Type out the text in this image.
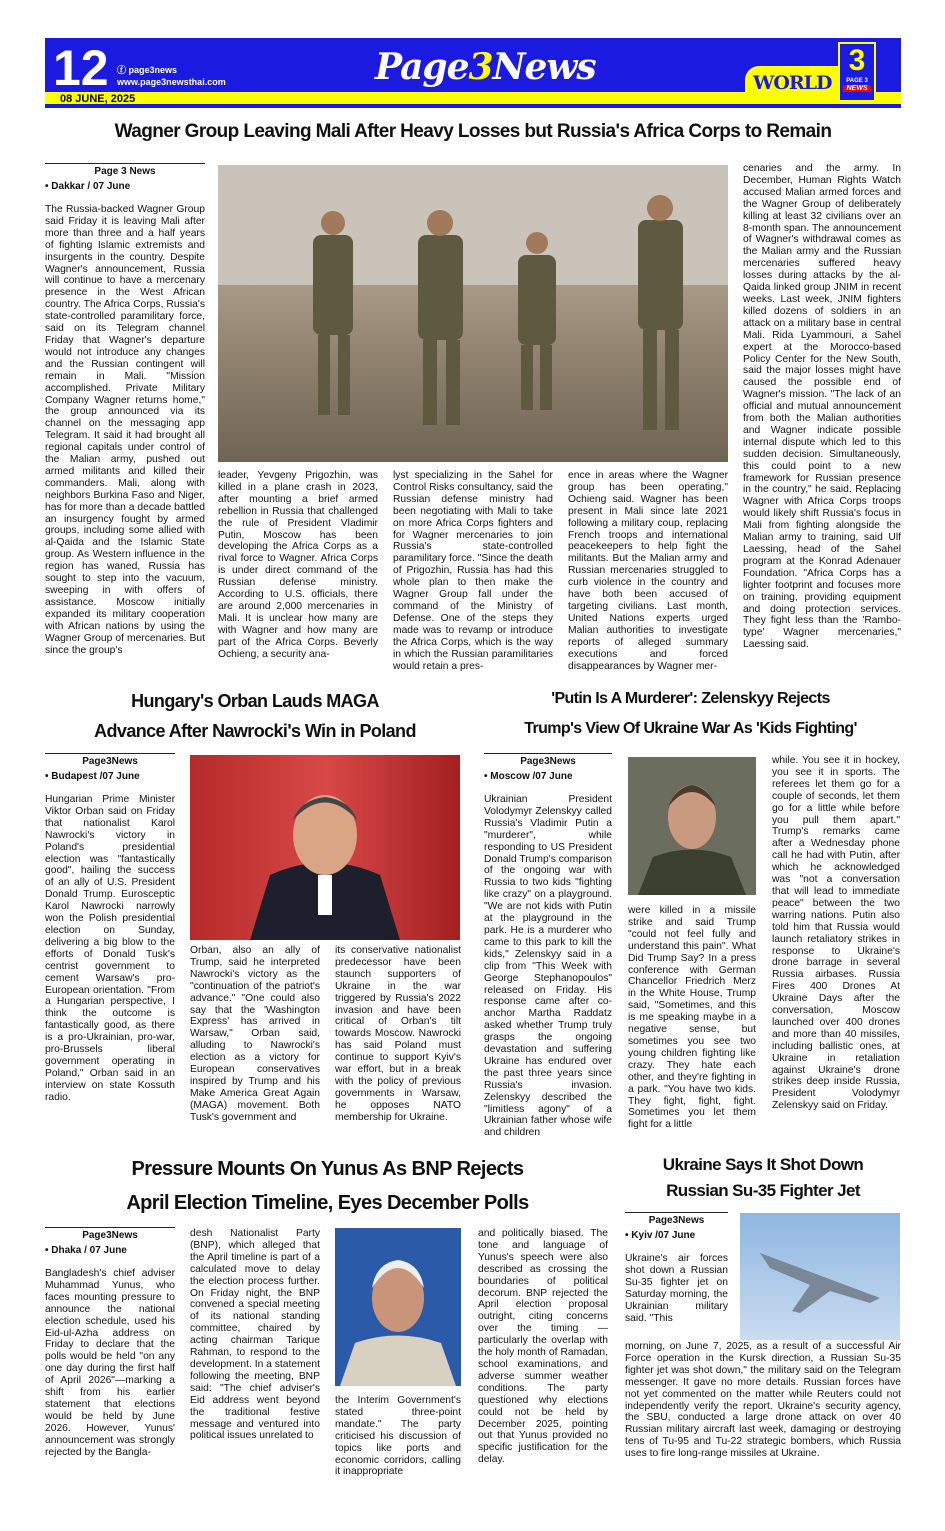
12 ⓕ page3news
www.page3newsthai.com
08 JUNE, 2025
Page3News	WORLD
3
PAGE 3
NEWS
Wagner Group Leaving Mali After Heavy Losses but Russia's Africa Corps to Remain
Page 3 News
• Dakkar / 07 June
The Russia-backed Wagner Group said Friday it is leaving Mali after more than three and a half years of fighting Islamic extremists and insurgents in the country. Despite Wagner's announcement, Russia will continue to have a mercenary presence in the West African country. The Africa Corps, Russia's state-controlled paramilitary force, said on its Telegram channel Friday that Wagner's departure would not introduce any changes and the Russian contingent will remain in Mali. "Mission accomplished. Private Military Company Wagner returns home," the group announced via its channel on the messaging app Telegram. It said it had brought all regional capitals under control of the Malian army, pushed out armed militants and killed their commanders. Mali, along with neighbors Burkina Faso and Niger, has for more than a decade battled an insurgency fought by armed groups, including some allied with al-Qaida and the Islamic State group. As Western influence in the region has waned, Russia has sought to step into the vacuum, sweeping in with offers of assistance. Moscow initially expanded its military cooperation with African nations by using the Wagner Group of mercenaries. But since the group's
leader, Yevgeny Prigozhin, was killed in a plane crash in 2023, after mounting a brief armed rebellion in Russia that challenged the rule of President Vladimir Putin, Moscow has been developing the Africa Corps as a rival force to Wagner. Africa Corps is under direct command of the Russian defense ministry. According to U.S. officials, there are around 2,000 mercenaries in Mali. It is unclear how many are with Wagner and how many are part of the Africa Corps. Beverly Ochieng, a security ana-
lyst specializing in the Sahel for Control Risks consultancy, said the Russian defense ministry had been negotiating with Mali to take on more Africa Corps fighters and for Wagner mercenaries to join Russia's state-controlled paramilitary force. "Since the death of Prigozhin, Russia has had this whole plan to then make the Wagner Group fall under the command of the Ministry of Defense. One of the steps they made was to revamp or introduce the Africa Corps, which is the way in which the Russian paramilitaries would retain a pres-
ence in areas where the Wagner group has been operating," Ochieng said. Wagner has been present in Mali since late 2021 following a military coup, replacing French troops and international peacekeepers to help fight the militants. But the Malian army and Russian mercenaries struggled to curb violence in the country and have both been accused of targeting civilians. Last month, United Nations experts urged Malian authorities to investigate reports of alleged summary executions and forced disappearances by Wagner mer-
cenaries and the army. In December, Human Rights Watch accused Malian armed forces and the Wagner Group of deliberately killing at least 32 civilians over an 8-month span. The announcement of Wagner's withdrawal comes as the Malian army and the Russian mercenaries suffered heavy losses during attacks by the al-Qaida linked group JNIM in recent weeks. Last week, JNIM fighters killed dozens of soldiers in an attack on a military base in central Mali. Rida Lyammouri, a Sahel expert at the Morocco-based Policy Center for the New South, said the major losses might have caused the possible end of Wagner's mission. "The lack of an official and mutual announcement from both the Malian authorities and Wagner indicate possible internal dispute which led to this sudden decision. Simultaneously, this could point to a new framework for Russian presence in the country," he said. Replacing Wagner with Africa Corps troops would likely shift Russia's focus in Mali from fighting alongside the Malian army to training, said Ulf Laessing, head of the Sahel program at the Konrad Adenauer Foundation. "Africa Corps has a lighter footprint and focuses more on training, providing equipment and doing protection services. They fight less than the 'Rambo-type' Wagner mercenaries," Laessing said.
Hungary's Orban Lauds MAGA
Advance After Nawrocki's Win in Poland
Page3News
• Budapest /07 June
Hungarian Prime Minister Viktor Orban said on Friday that nationalist Karol Nawrocki's victory in Poland's presidential election was "fantastically good", hailing the success of an ally of U.S. President Donald Trump. Eurosceptic Karol Nawrocki narrowly won the Polish presidential election on Sunday, delivering a big blow to the efforts of Donald Tusk's centrist government to cement Warsaw's pro-European orientation. "From a Hungarian perspective, I think the outcome is fantastically good, as there is a pro-Ukrainian, pro-war, pro-Brussels liberal government operating in Poland," Orban said in an interview on state Kossuth radio.
Orban, also an ally of Trump, said he interpreted Nawrocki's victory as the "continuation of the patriot's advance." "One could also say that the 'Washington Express' has arrived in Warsaw," Orban said, alluding to Nawrocki's election as a victory for European conservatives inspired by Trump and his Make America Great Again (MAGA) movement. Both Tusk's government and
its conservative nationalist predecessor have been staunch supporters of Ukraine in the war triggered by Russia's 2022 invasion and have been critical of Orban's tilt towards Moscow. Nawrocki has said Poland must continue to support Kyiv's war effort, but in a break with the policy of previous governments in Warsaw, he opposes NATO membership for Ukraine.
'Putin Is A Murderer': Zelenskyy Rejects
Trump's View Of Ukraine War As 'Kids Fighting'
Page3News
• Moscow /07 June
Ukrainian President Volodymyr Zelenskyy called Russia's Vladimir Putin a "murderer", while responding to US President Donald Trump's comparison of the ongoing war with Russia to two kids "fighting like crazy" on a playground. "We are not kids with Putin at the playground in the park. He is a murderer who came to this park to kill the kids," Zelenskyy said in a clip from "This Week with George Stephanopoulos" released on Friday. His response came after co-anchor Martha Raddatz asked whether Trump truly grasps the ongoing devastation and suffering Ukraine has endured over the past three years since Russia's invasion. Zelenskyy described the "limitless agony" of a Ukrainian father whose wife and children
were killed in a missile strike and said Trump "could not feel fully and understand this pain". What Did Trump Say? In a press conference with German Chancellor Friedrich Merz in the White House, Trump said, "Sometimes, and this is me speaking maybe in a negative sense, but sometimes you see two young children fighting like crazy. They hate each other, and they're fighting in a park. "You have two kids. They fight, fight, fight. Sometimes you let them fight for a little
while. You see it in hockey, you see it in sports. The referees let them go for a couple of seconds, let them go for a little while before you pull them apart." Trump's remarks came after a Wednesday phone call he had with Putin, after which he acknowledged was "not a conversation that will lead to immediate peace" between the two warring nations. Putin also told him that Russia would launch retaliatory strikes in response to Ukraine's drone barrage in several Russia airbases. Russia Fires 400 Drones At Ukraine Days after the conversation, Moscow launched over 400 drones and more than 40 missiles, including ballistic ones, at Ukraine in retaliation against Ukraine's drone strikes deep inside Russia, President Volodymyr Zelenskyy said on Friday.
Pressure Mounts On Yunus As BNP Rejects
April Election Timeline, Eyes December Polls
Page3News
• Dhaka / 07 June
Bangladesh's chief adviser Muhammad Yunus, who faces mounting pressure to announce the national election schedule, used his Eid-ul-Azha address on Friday to declare that the polls would be held "on any one day during the first half of April 2026"—marking a shift from his earlier statement that elections would be held by June 2026. However, Yunus' announcement was strongly rejected by the Bangla-
desh Nationalist Party (BNP), which alleged that the April timeline is part of a calculated move to delay the election process further. On Friday night, the BNP convened a special meeting of its national standing committee, chaired by acting chairman Tarique Rahman, to respond to the development. In a statement following the meeting, BNP said: "The chief adviser's Eid address went beyond the traditional festive message and ventured into political issues unrelated to
the Interim Government's stated three-point mandate." The party criticised his discussion of topics like ports and economic corridors, calling it inappropriate
and politically biased. The tone and language of Yunus's speech were also described as crossing the boundaries of political decorum. BNP rejected the April election proposal outright, citing concerns over the timing — particularly the overlap with the holy month of Ramadan, school examinations, and adverse summer weather conditions. The party questioned why elections could not be held by December 2025, pointing out that Yunus provided no specific justification for the delay.
Ukraine Says It Shot Down
Russian Su-35 Fighter Jet
Page3News
• Kyiv /07 June
Ukraine's air forces shot down a Russian Su-35 fighter jet on Saturday morning, the Ukrainian military said. "This
morning, on June 7, 2025, as a result of a successful Air Force operation in the Kursk direction, a Russian Su-35 fighter jet was shot down," the military said on the Telegram messenger. It gave no more details. Russian forces have not yet commented on the matter while Reuters could not independently verify the report. Ukraine's security agency, the SBU, conducted a large drone attack on over 40 Russian military aircraft last week, damaging or destroying tens of Tu-95 and Tu-22 strategic bombers, which Russia uses to fire long-range missiles at Ukraine.
